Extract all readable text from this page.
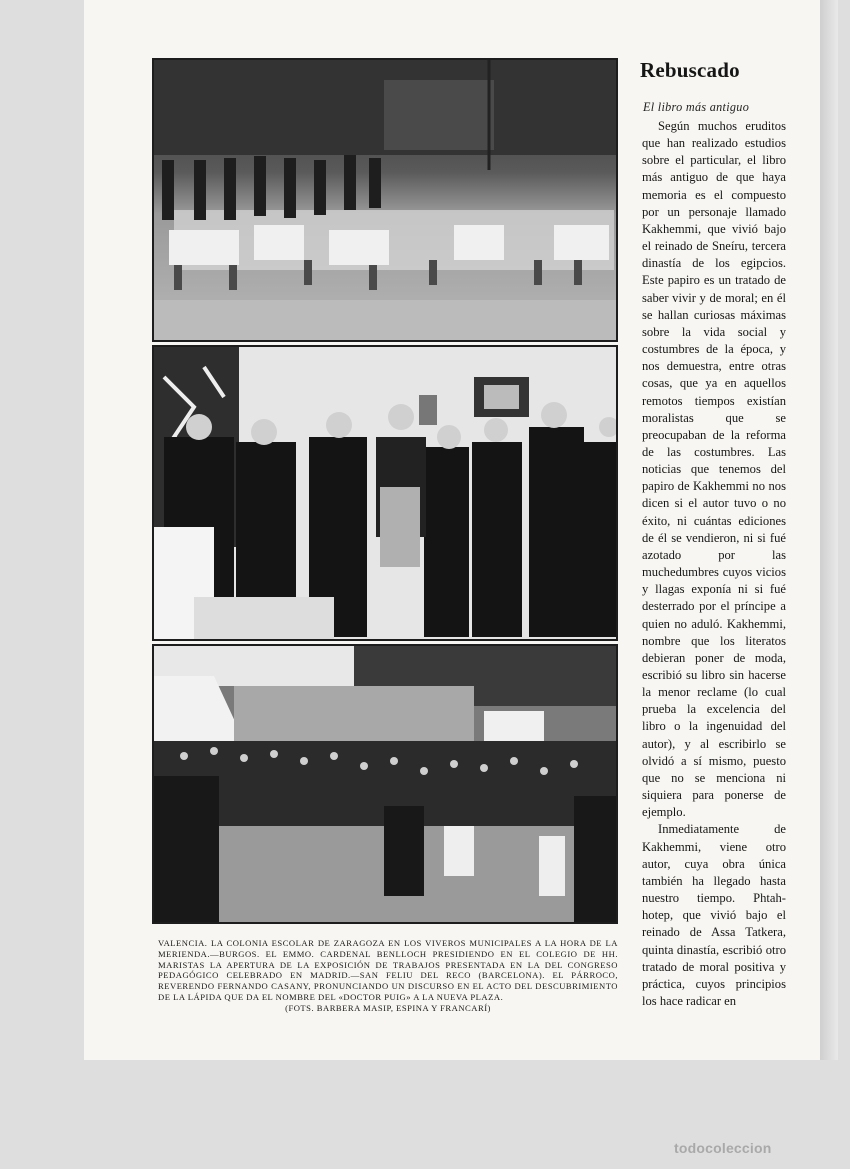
VALENCIA. LA COLONIA ESCOLAR DE ZARAGOZA EN LOS VIVEROS MUNICIPALES A LA HORA DE LA MERIENDA.—BURGOS. EL EMMO. CARDENAL BENLLOCH PRESIDIENDO EN EL COLEGIO DE HH. MARISTAS LA APERTURA DE LA EXPOSICIÓN DE TRABAJOS PRESENTADA EN LA DEL CONGRESO PEDAGÓGICO CELEBRADO EN MADRID.—SAN FELIU DEL RECO (BARCELONA). EL PÁRROCO, REVERENDO FERNANDO CASANY, PRONUNCIANDO UN DISCURSO EN EL ACTO DEL DESCUBRIMIENTO DE LA LÁPIDA QUE DA EL NOMBRE DEL «DOCTOR PUIG» A LA NUEVA PLAZA.
(FOTS. BARBERA MASIP, ESPINA Y FRANCARÍ)
Rebuscado
El libro más antiguo

Según muchos eruditos que han realizado estudios sobre el particular, el libro más antiguo de que haya memoria es el compuesto por un personaje llamado Kakhemmi, que vivió bajo el reinado de Sneíru, tercera dinastía de los egipcios. Este papiro es un tratado de saber vivir y de moral; en él se hallan curiosas máximas sobre la vida social y costumbres de la época, y nos demuestra, entre otras cosas, que ya en aquellos remotos tiempos existían moralistas que se preocupaban de la reforma de las costumbres. Las noticias que tenemos del papiro de Kakhemmi no nos dicen si el autor tuvo o no éxito, ni cuántas ediciones de él se vendieron, ni si fué azotado por las muchedumbres cuyos vicios y llagas exponía ni si fué desterrado por el príncipe a quien no aduló. Kakhemmi, nombre que los literatos debieran poner de moda, escribió su libro sin hacerse la menor reclame (lo cual prueba la excelencia del libro o la ingenuidad del autor), y al escribirlo se olvidó a sí mismo, puesto que no se menciona ni siquiera para ponerse de ejemplo.

Inmediatamente de Kakhemmi, viene otro autor, cuya obra única también ha llegado hasta nuestro tiempo. Phtah-hotep, que vivió bajo el reinado de Assa Tatkera, quinta dinastía, escribió otro tratado de moral positiva y práctica, cuyos principios los hace radicar en

todocoleccion
